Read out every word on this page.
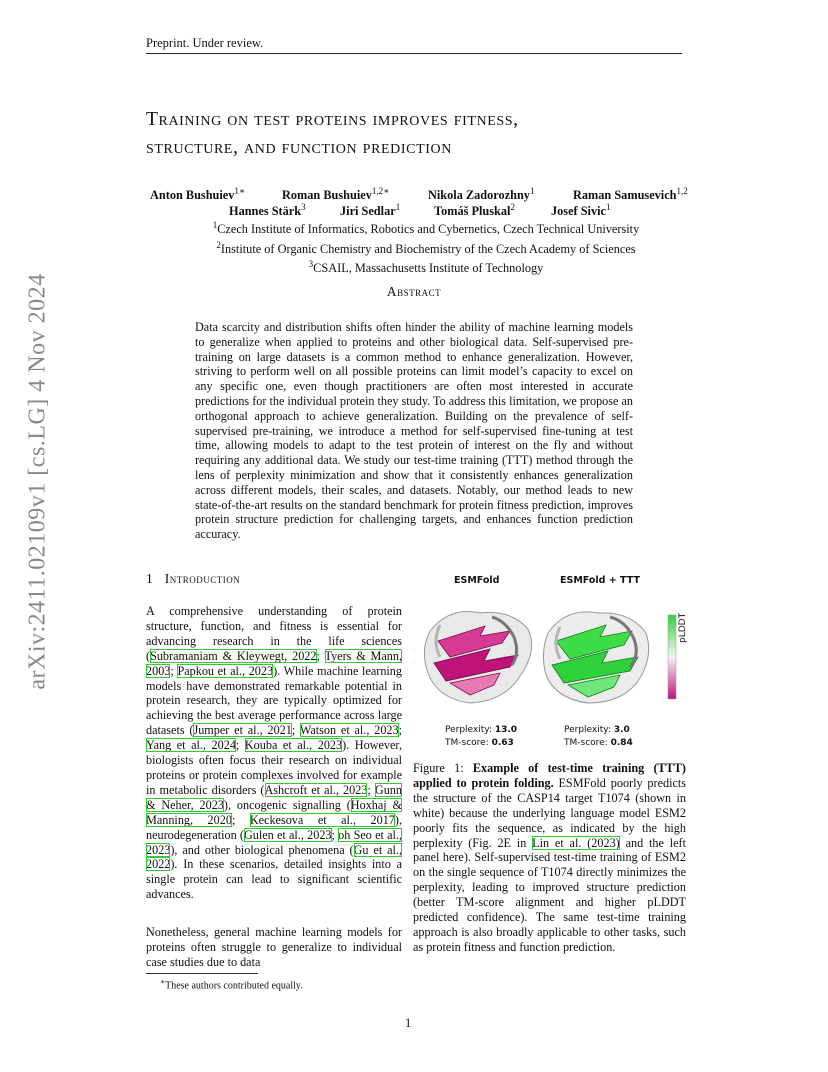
Preprint. Under review.
arXiv:2411.02109v1 [cs.LG] 4 Nov 2024
Training on test proteins improves fitness,
structure, and function prediction
Anton Bushuiev$^{1∗}$	Roman Bushuiev$^{1,2∗}$	Nikola Zadorozhny$^1$	Raman Samusevich$^{1,2}$
Hannes Stärk$^3$	Jiri Sedlar$^1$	Tomáš Pluskal$^2$	Josef Sivic$^1$
$^1$Czech Institute of Informatics, Robotics and Cybernetics, Czech Technical University
$^2$Institute of Organic Chemistry and Biochemistry of the Czech Academy of Sciences
$^3$CSAIL, Massachusetts Institute of Technology
Abstract
Data scarcity and distribution shifts often hinder the ability of machine learning models to generalize when applied to proteins and other biological data. Self-supervised pre-training on large datasets is a common method to enhance generalization. However, striving to perform well on all possible proteins can limit model’s capacity to excel on any specific one, even though practitioners are often most interested in accurate predictions for the individual protein they study. To address this limitation, we propose an orthogonal approach to achieve generalization. Building on the prevalence of self-supervised pre-training, we introduce a method for self-supervised fine-tuning at test time, allowing models to adapt to the test protein of interest on the fly and without requiring any additional data. We study our test-time training (TTT) method through the lens of perplexity minimization and show that it consistently enhances generalization across different models, their scales, and datasets. Notably, our method leads to new state-of-the-art results on the standard benchmark for protein fitness prediction, improves protein structure prediction for challenging targets, and enhances function prediction accuracy.
1 Introduction
A comprehensive understanding of protein structure, function, and fitness is essential for advancing research in the life sciences (Subramaniam & Kleywegt, 2022; Tyers & Mann, 2003; Papkou et al., 2023). While machine learning models have demonstrated remarkable potential in protein research, they are typically optimized for achieving the best average performance across large datasets (Jumper et al., 2021; Watson et al., 2023; Yang et al., 2024; Kouba et al., 2023). However, biologists often focus their research on individual proteins or protein complexes involved for example in metabolic disorders (Ashcroft et al., 2023; Gunn & Neher, 2023), oncogenic signalling (Hoxhaj & Manning, 2020; Keckesova et al., 2017), neurodegeneration (Gulen et al., 2023; oh Seo et al., 2023), and other biological phenomena (Gu et al., 2022). In these scenarios, detailed insights into a single protein can lead to significant scientific advances.
Nonetheless, general machine learning models for proteins often struggle to generalize to individual case studies due to data
∗These authors contributed equally.
1
ESMFold	ESMFold + TTT
pLDDT
Perplexity: 13.0
TM-score: 0.63
Perplexity: 3.0
TM-score: 0.84
Figure 1: Example of test-time training (TTT) applied to protein folding. ESMFold poorly predicts the structure of the CASP14 target T1074 (shown in white) because the underlying language model ESM2 poorly fits the sequence, as indicated by the high perplexity (Fig. 2E in Lin et al. (2023) and the left panel here). Self-supervised test-time training of ESM2 on the single sequence of T1074 directly minimizes the perplexity, leading to improved structure prediction (better TM-score alignment and higher pLDDT predicted confidence). The same test-time training approach is also broadly applicable to other tasks, such as protein fitness and function prediction.
